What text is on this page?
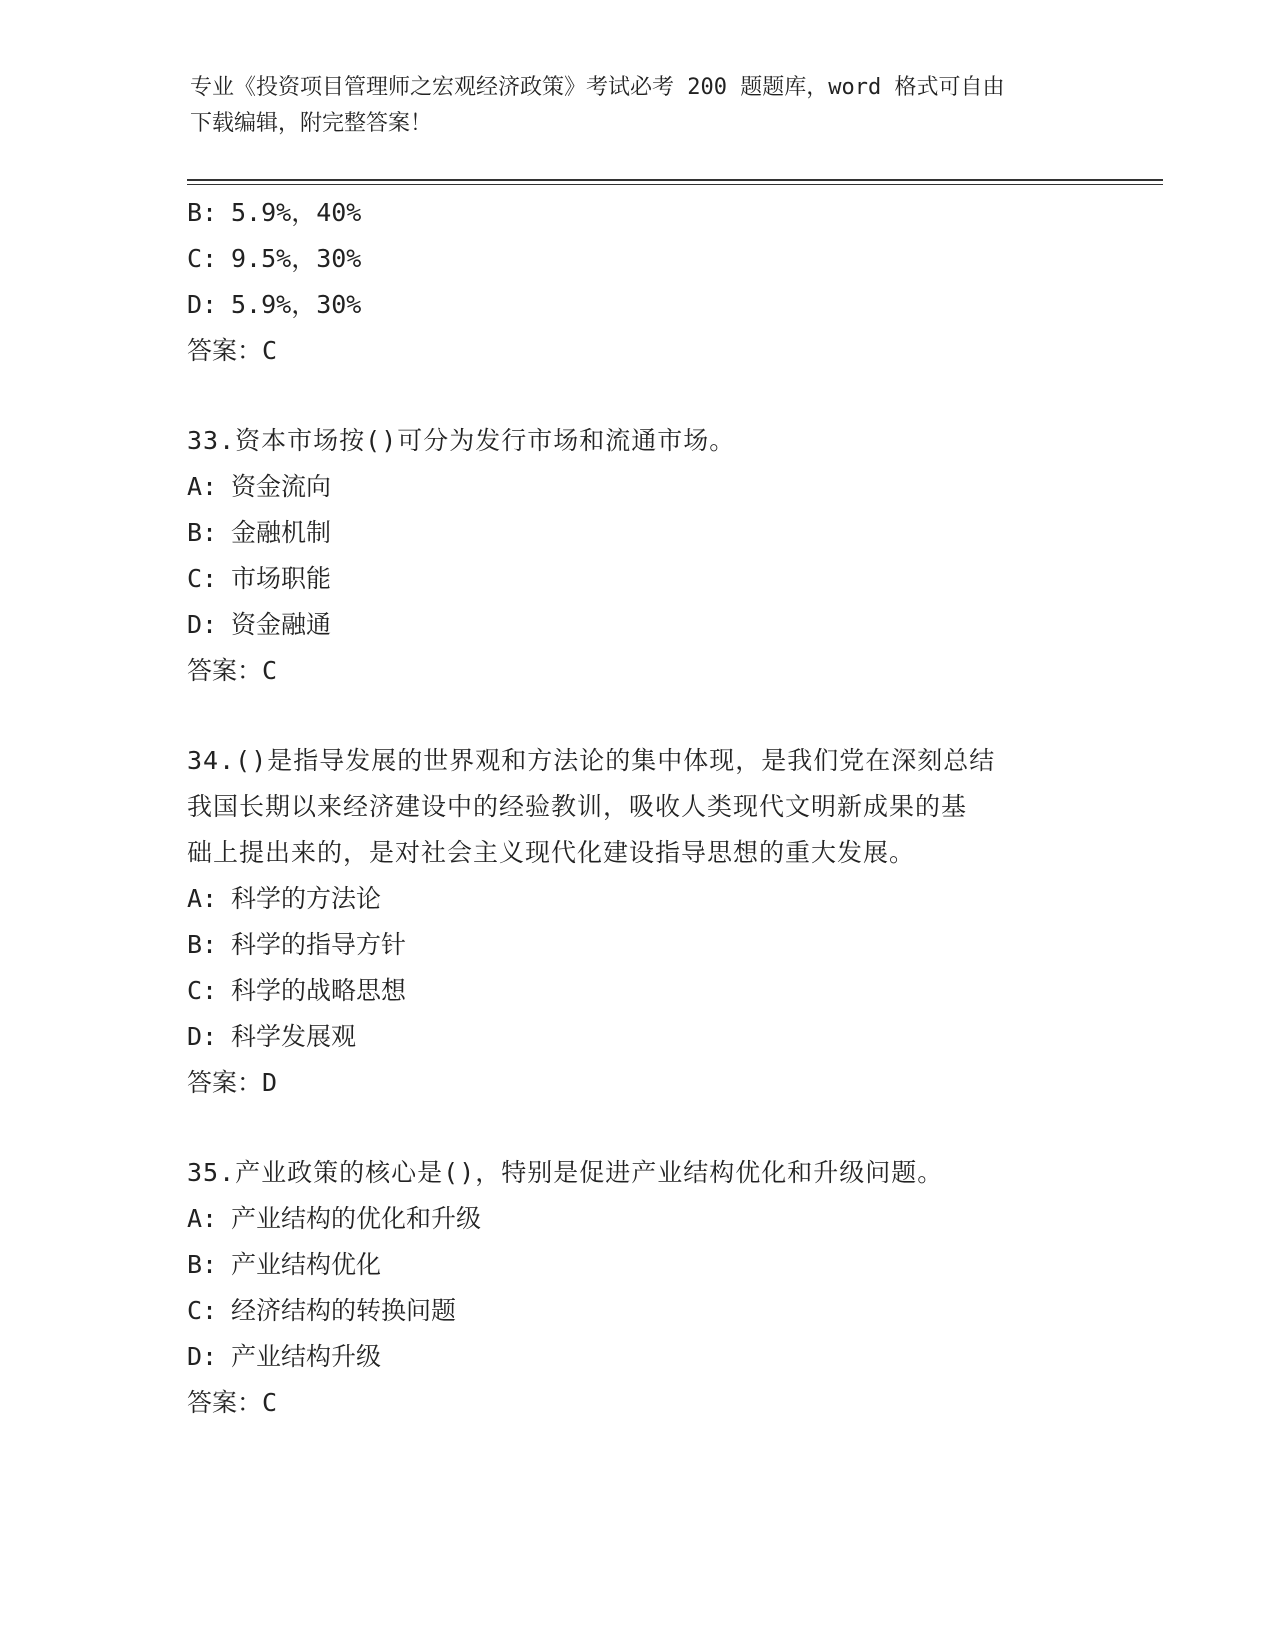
专业《投资项目管理师之宏观经济政策》考试必考 200 题题库，word 格式可自由
下载编辑，附完整答案！
B: 5.9%，40%
C: 9.5%，30%
D: 5.9%，30%
答案：C
33.资本市场按()可分为发行市场和流通市场。
A: 资金流向
B: 金融机制
C: 市场职能
D: 资金融通
答案：C
34.()是指导发展的世界观和方法论的集中体现，是我们党在深刻总结
我国长期以来经济建设中的经验教训，吸收人类现代文明新成果的基
础上提出来的，是对社会主义现代化建设指导思想的重大发展。
A: 科学的方法论
B: 科学的指导方针
C: 科学的战略思想
D: 科学发展观
答案：D
35.产业政策的核心是()，特别是促进产业结构优化和升级问题。
A: 产业结构的优化和升级
B: 产业结构优化
C: 经济结构的转换问题
D: 产业结构升级
答案：C
